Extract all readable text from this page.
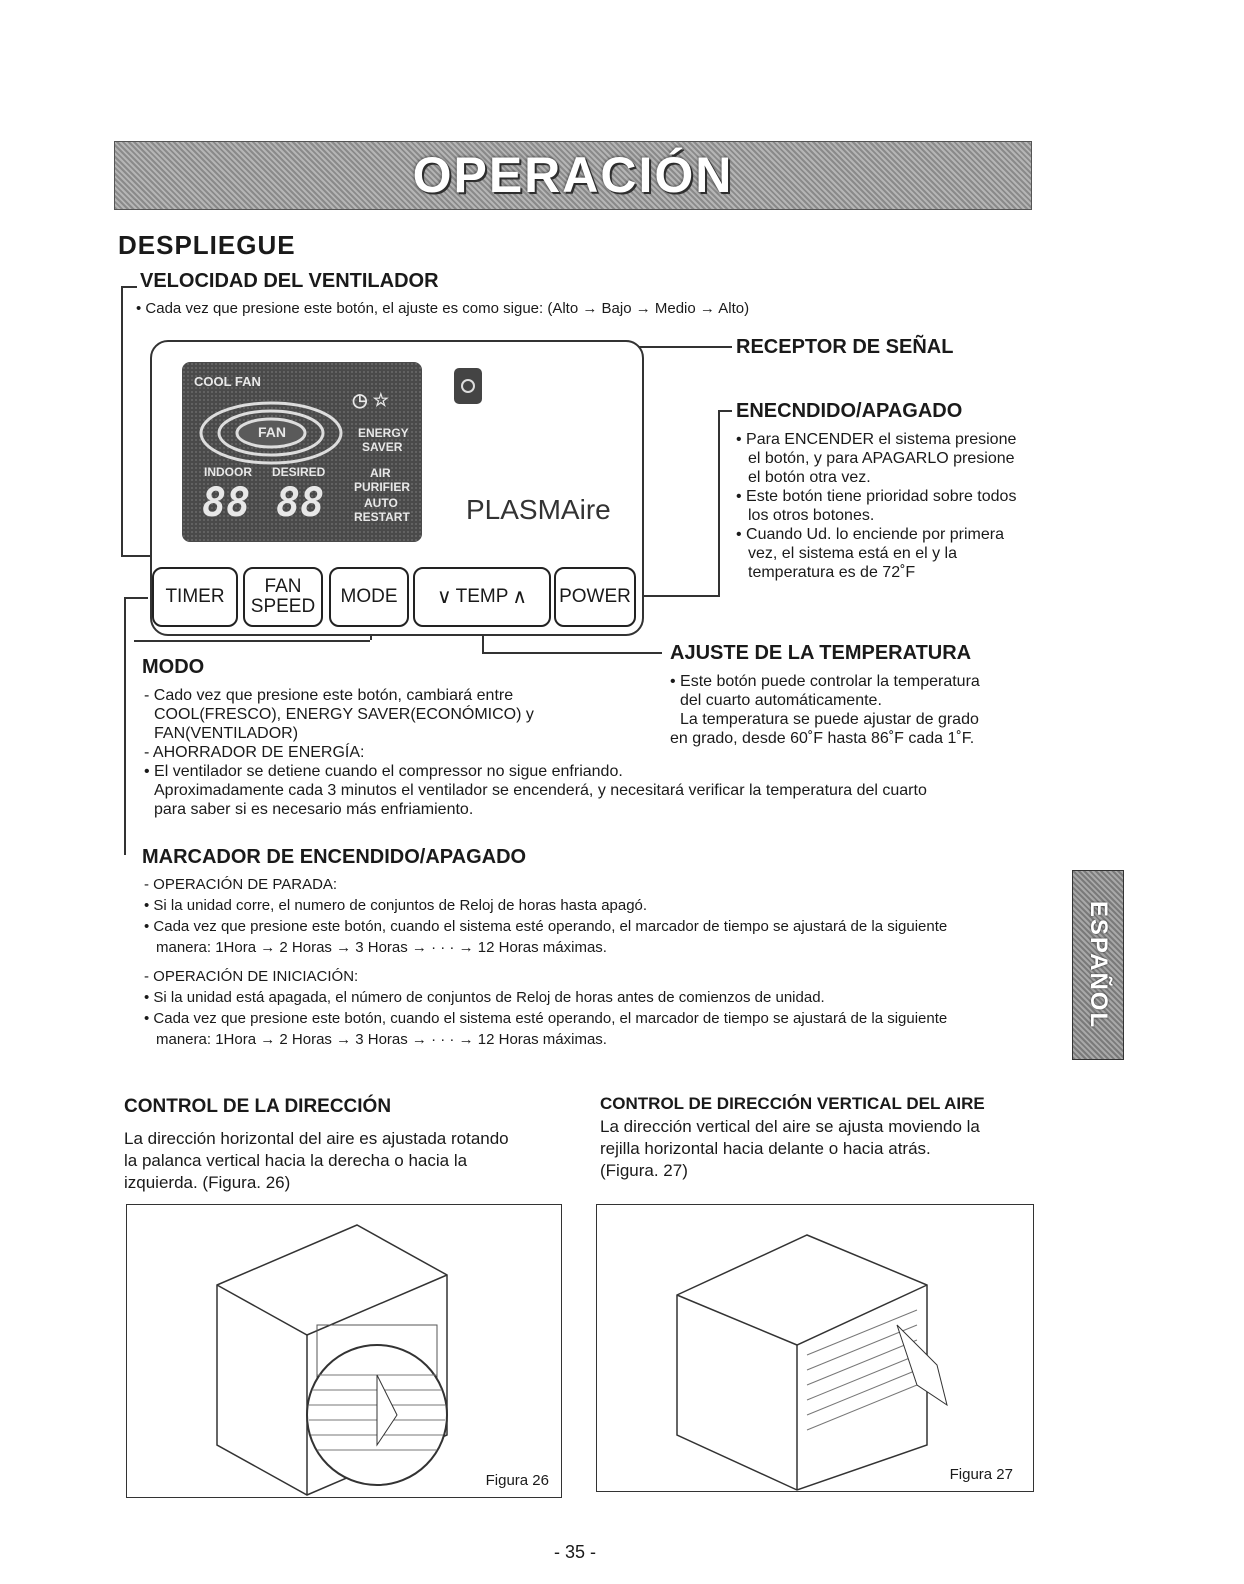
OPERACIÓN
DESPLIEGUE
VELOCIDAD DEL VENTILADOR
• Cada vez que presione este botón, el ajuste es como sigue: (Alto → Bajo → Medio → Alto)
RECEPTOR DE SEÑAL
ENECNDIDO/APAGADO
• Para ENCENDER el sistema presione
el botón, y para APAGARLO presione
el botón otra vez.
• Este botón tiene prioridad sobre todos
los otros botones.
• Cuando Ud. lo enciende por primera
vez, el sistema está en el y la
temperatura es de 72˚F
COOL FAN
FAN
◷ ☆
ENERGY
SAVER
INDOOR DESIRED	AIR
PURIFIER
AUTO
RESTART
88 88	PLASMAire
TIMER	FAN
SPEED	MODE	∨ TEMP ∧ POWER
AJUSTE DE LA TEMPERATURA
• Este botón puede controlar la temperatura
del cuarto automáticamente.
La temperatura se puede ajustar de grado
en grado, desde 60˚F hasta 86˚F cada 1˚F.
MODO
- Cado vez que presione este botón, cambiará entre
COOL(FRESCO), ENERGY SAVER(ECONÓMICO) y
FAN(VENTILADOR)
- AHORRADOR DE ENERGÍA:
• El ventilador se detiene cuando el compressor no sigue enfriando.
Aproximadamente cada 3 minutos el ventilador se encenderá, y necesitará verificar la temperatura del cuarto
para saber si es necesario más enfriamiento.
MARCADOR DE ENCENDIDO/APAGADO
- OPERACIÓN DE PARADA:
• Si la unidad corre, el numero de conjuntos de Reloj de horas hasta apagó.
• Cada vez que presione este botón, cuando el sistema esté operando, el marcador de tiempo se ajustará de la siguiente
manera: 1Hora → 2 Horas → 3 Horas → · · · → 12 Horas máximas.
- OPERACIÓN DE INICIACIÓN:
• Si la unidad está apagada, el número de conjuntos de Reloj de horas antes de comienzos de unidad.
• Cada vez que presione este botón, cuando el sistema esté operando, el marcador de tiempo se ajustará de la siguiente
manera: 1Hora → 2 Horas → 3 Horas → · · · → 12 Horas máximas.
ESPAÑOL
CONTROL DE LA DIRECCIÓN
La dirección horizontal del aire es ajustada rotando
la palanca vertical hacia la derecha o hacia la
izquierda. (Figura. 26)
CONTROL DE DIRECCIÓN VERTICAL DEL AIRE
La dirección vertical del aire se ajusta moviendo la
rejilla horizontal hacia delante o hacia atrás.
(Figura. 27)
Figura 26	Figura 27
- 35 -
